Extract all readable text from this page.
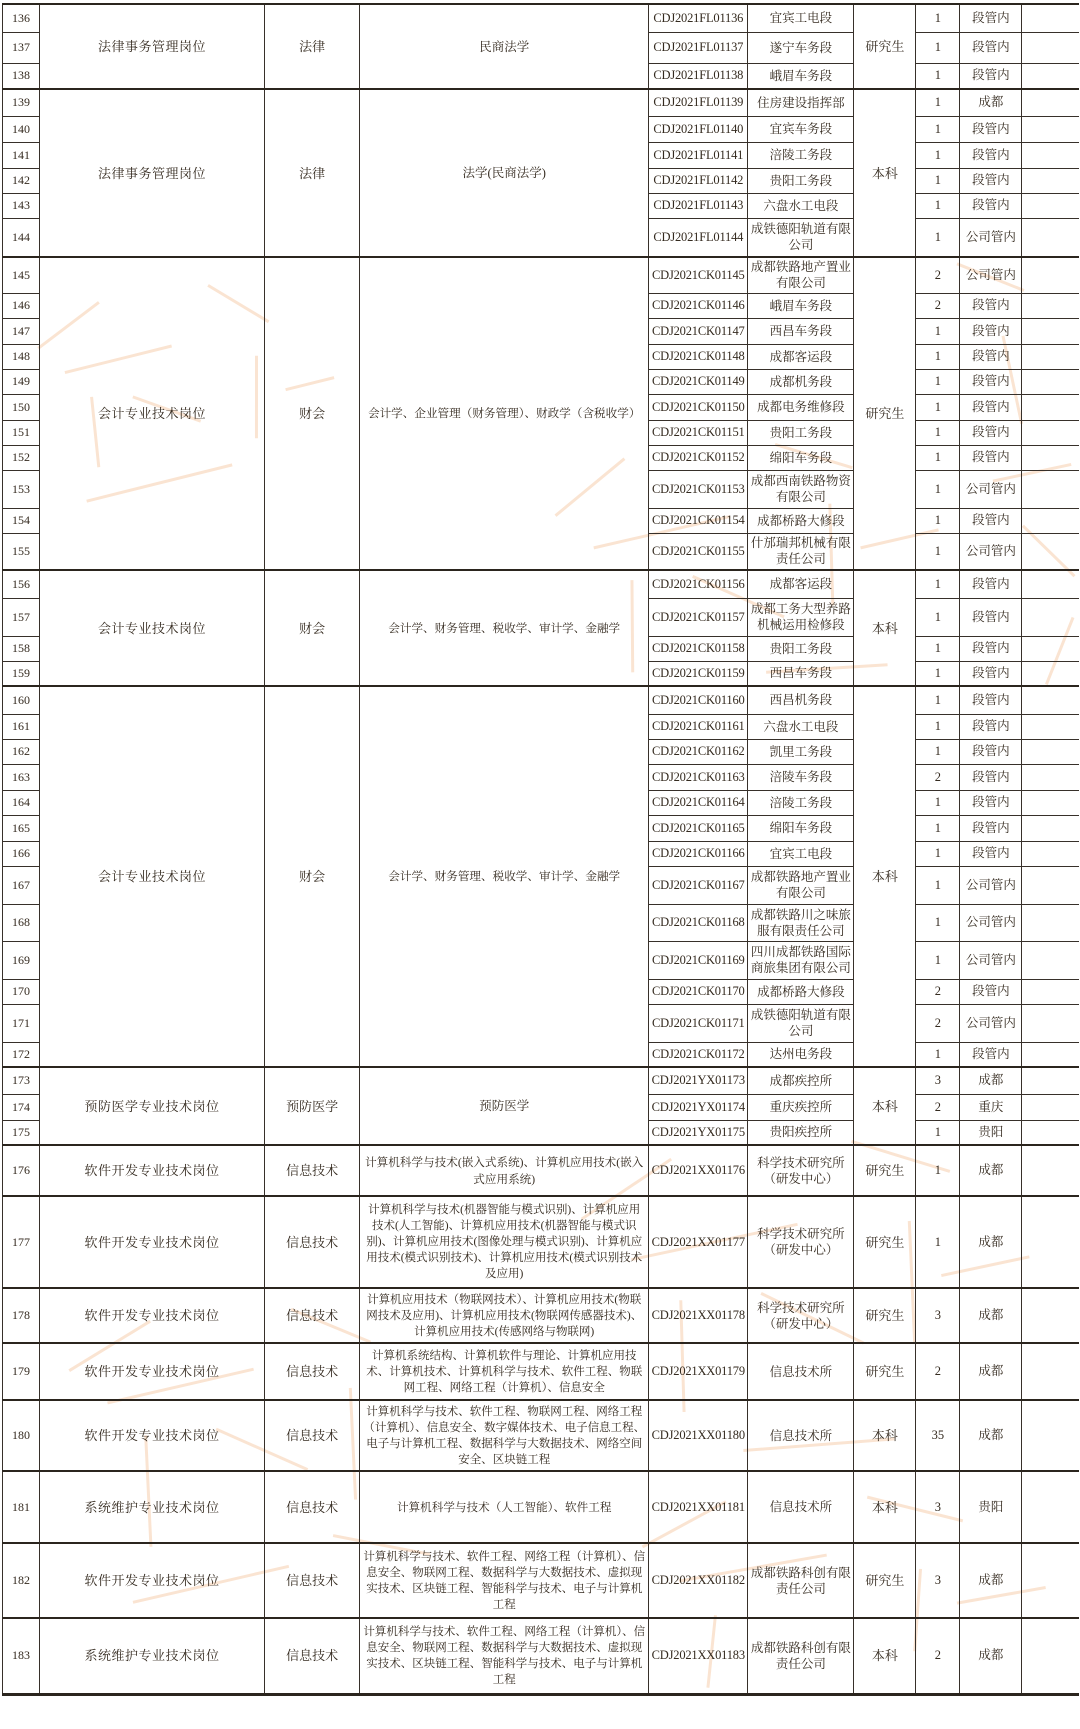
136	法律事务管理岗位	法律	民商法学	CDJ2021FL01136	宜宾工电段	研究生	1	段管内	
137				CDJ2021FL01137	遂宁车务段		1	段管内	
138				CDJ2021FL01138	峨眉车务段		1	段管内	
139	法律事务管理岗位	法律	法学(民商法学)	CDJ2021FL01139	住房建设指挥部	本科	1	成都	
140				CDJ2021FL01140	宜宾车务段		1	段管内	
141				CDJ2021FL01141	涪陵工务段		1	段管内	
142				CDJ2021FL01142	贵阳工务段		1	段管内	
143				CDJ2021FL01143	六盘水工电段		1	段管内	
144				CDJ2021FL01144	成铁德阳轨道有限公司		1	公司管内	
145	会计专业技术岗位	财会	会计学、企业管理（财务管理）、财政学（含税收学）	CDJ2021CK01145	成都铁路地产置业有限公司	研究生	2	公司管内	
146				CDJ2021CK01146	峨眉车务段		2	段管内	
147				CDJ2021CK01147	西昌车务段		1	段管内	
148				CDJ2021CK01148	成都客运段		1	段管内	
149				CDJ2021CK01149	成都机务段		1	段管内	
150				CDJ2021CK01150	成都电务维修段		1	段管内	
151				CDJ2021CK01151	贵阳工务段		1	段管内	
152				CDJ2021CK01152	绵阳车务段		1	段管内	
153				CDJ2021CK01153	成都西南铁路物资有限公司		1	公司管内	
154				CDJ2021CK01154	成都桥路大修段		1	段管内	
155				CDJ2021CK01155	什邡瑞邦机械有限责任公司		1	公司管内	
156	会计专业技术岗位	财会	会计学、财务管理、税收学、审计学、金融学	CDJ2021CK01156	成都客运段	本科	1	段管内	
157				CDJ2021CK01157	成都工务大型养路机械运用检修段		1	段管内	
158				CDJ2021CK01158	贵阳工务段		1	段管内	
159				CDJ2021CK01159	西昌车务段		1	段管内	
160	会计专业技术岗位	财会	会计学、财务管理、税收学、审计学、金融学	CDJ2021CK01160	西昌机务段	本科	1	段管内	
161				CDJ2021CK01161	六盘水工电段		1	段管内	
162				CDJ2021CK01162	凯里工务段		1	段管内	
163				CDJ2021CK01163	涪陵车务段		2	段管内	
164				CDJ2021CK01164	涪陵工务段		1	段管内	
165				CDJ2021CK01165	绵阳车务段		1	段管内	
166				CDJ2021CK01166	宜宾工电段		1	段管内	
167				CDJ2021CK01167	成都铁路地产置业有限公司		1	公司管内	
168				CDJ2021CK01168	成都铁路川之味旅服有限责任公司		1	公司管内	
169				CDJ2021CK01169	四川成都铁路国际商旅集团有限公司		1	公司管内	
170				CDJ2021CK01170	成都桥路大修段		2	段管内	
171				CDJ2021CK01171	成铁德阳轨道有限公司		2	公司管内	
172				CDJ2021CK01172	达州电务段		1	段管内	
173	预防医学专业技术岗位	预防医学	预防医学	CDJ2021YX01173	成都疾控所	本科	3	成都	
174				CDJ2021YX01174	重庆疾控所		2	重庆	
175				CDJ2021YX01175	贵阳疾控所		1	贵阳	
176	软件开发专业技术岗位	信息技术	计算机科学与技术(嵌入式系统)、计算机应用技术(嵌入式应用系统)	CDJ2021XX01176	科学技术研究所（研发中心）	研究生	1	成都	
177	软件开发专业技术岗位	信息技术	计算机科学与技术(机器智能与模式识别)、计算机应用技术(人工智能)、计算机应用技术(机器智能与模式识别)、计算机应用技术(图像处理与模式识别)、计算机应用技术(模式识别技术)、计算机应用技术(模式识别技术及应用)	CDJ2021XX01177	科学技术研究所（研发中心）	研究生	1	成都	
178	软件开发专业技术岗位	信息技术	计算机应用技术（物联网技术）、计算机应用技术(物联网技术及应用)、计算机应用技术(物联网传感器技术)、计算机应用技术(传感网络与物联网)	CDJ2021XX01178	科学技术研究所（研发中心）	研究生	3	成都	
179	软件开发专业技术岗位	信息技术	计算机系统结构、计算机软件与理论、计算机应用技术、计算机技术、计算机科学与技术、软件工程、物联网工程、网络工程（计算机）、信息安全	CDJ2021XX01179	信息技术所	研究生	2	成都	
180	软件开发专业技术岗位	信息技术	计算机科学与技术、软件工程、物联网工程、网络工程（计算机）、信息安全、数字媒体技术、电子信息工程、电子与计算机工程、数据科学与大数据技术、网络空间安全、区块链工程	CDJ2021XX01180	信息技术所	本科	35	成都	
181	系统维护专业技术岗位	信息技术	计算机科学与技术（人工智能）、软件工程	CDJ2021XX01181	信息技术所	本科	3	贵阳	
182	软件开发专业技术岗位	信息技术	计算机科学与技术、软件工程、网络工程（计算机）、信息安全、物联网工程、数据科学与大数据技术、虚拟现实技术、区块链工程、智能科学与技术、电子与计算机工程	CDJ2021XX01182	成都铁路科创有限责任公司	研究生	3	成都	
183	系统维护专业技术岗位	信息技术	计算机科学与技术、软件工程、网络工程（计算机）、信息安全、物联网工程、数据科学与大数据技术、虚拟现实技术、区块链工程、智能科学与技术、电子与计算机工程	CDJ2021XX01183	成都铁路科创有限责任公司	本科	2	成都	
